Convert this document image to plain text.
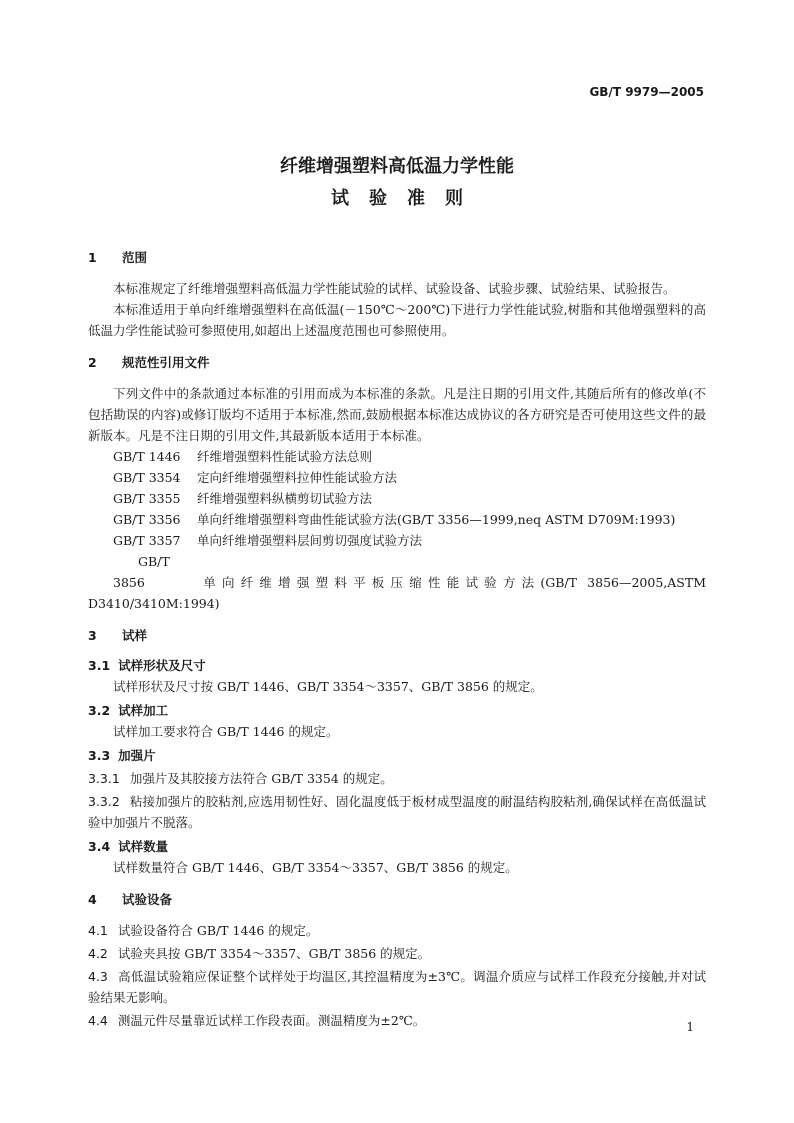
GB/T 9979—2005
纤维增强塑料高低温力学性能
试验准则
1 范围

本标准规定了纤维增强塑料高低温力学性能试验的试样、试验设备、试验步骤、试验结果、试验报告。

本标准适用于单向纤维增强塑料在高低温(－150℃～200℃)下进行力学性能试验,树脂和其他增强塑料的高低温力学性能试验可参照使用,如超出上述温度范围也可参照使用。

2 规范性引用文件

下列文件中的条款通过本标准的引用而成为本标准的条款。凡是注日期的引用文件,其随后所有的修改单(不包括勘误的内容)或修订版均不适用于本标准,然而,鼓励根据本标准达成协议的各方研究是否可使用这些文件的最新版本。凡是不注日期的引用文件,其最新版本适用于本标准。

GB/T 1446 纤维增强塑料性能试验方法总则

GB/T 3354 定向纤维增强塑料拉伸性能试验方法

GB/T 3355 纤维增强塑料纵横剪切试验方法

GB/T 3356 单向纤维增强塑料弯曲性能试验方法(GB/T 3356—1999,neq ASTM D709M:1993)

GB/T 3357 单向纤维增强塑料层间剪切强度试验方法

GB/T 3856	单向纤维增强塑料平板压缩性能试验方法(GB/T 3856—2005,ASTM D3410/3410M:1994)

3 试样
3.1 试样形状及尺寸

试样形状及尺寸按 GB/T 1446、GB/T 3354～3357、GB/T 3856 的规定。

3.2 试样加工

试样加工要求符合 GB/T 1446 的规定。

3.3 加强片
3.3.1 加强片及其胶接方法符合 GB/T 3354 的规定。
3.3.2 粘接加强片的胶粘剂,应选用韧性好、固化温度低于板材成型温度的耐温结构胶粘剂,确保试样在高低温试验中加强片不脱落。
3.4 试样数量

试样数量符合 GB/T 1446、GB/T 3354～3357、GB/T 3856 的规定。

4 试验设备
4.1 试验设备符合 GB/T 1446 的规定。
4.2 试验夹具按 GB/T 3354～3357、GB/T 3856 的规定。
4.3 高低温试验箱应保证整个试样处于均温区,其控温精度为±3℃。调温介质应与试样工作段充分接触,并对试验结果无影响。
4.4 测温元件尽量靠近试样工作段表面。测温精度为±2℃。	1
